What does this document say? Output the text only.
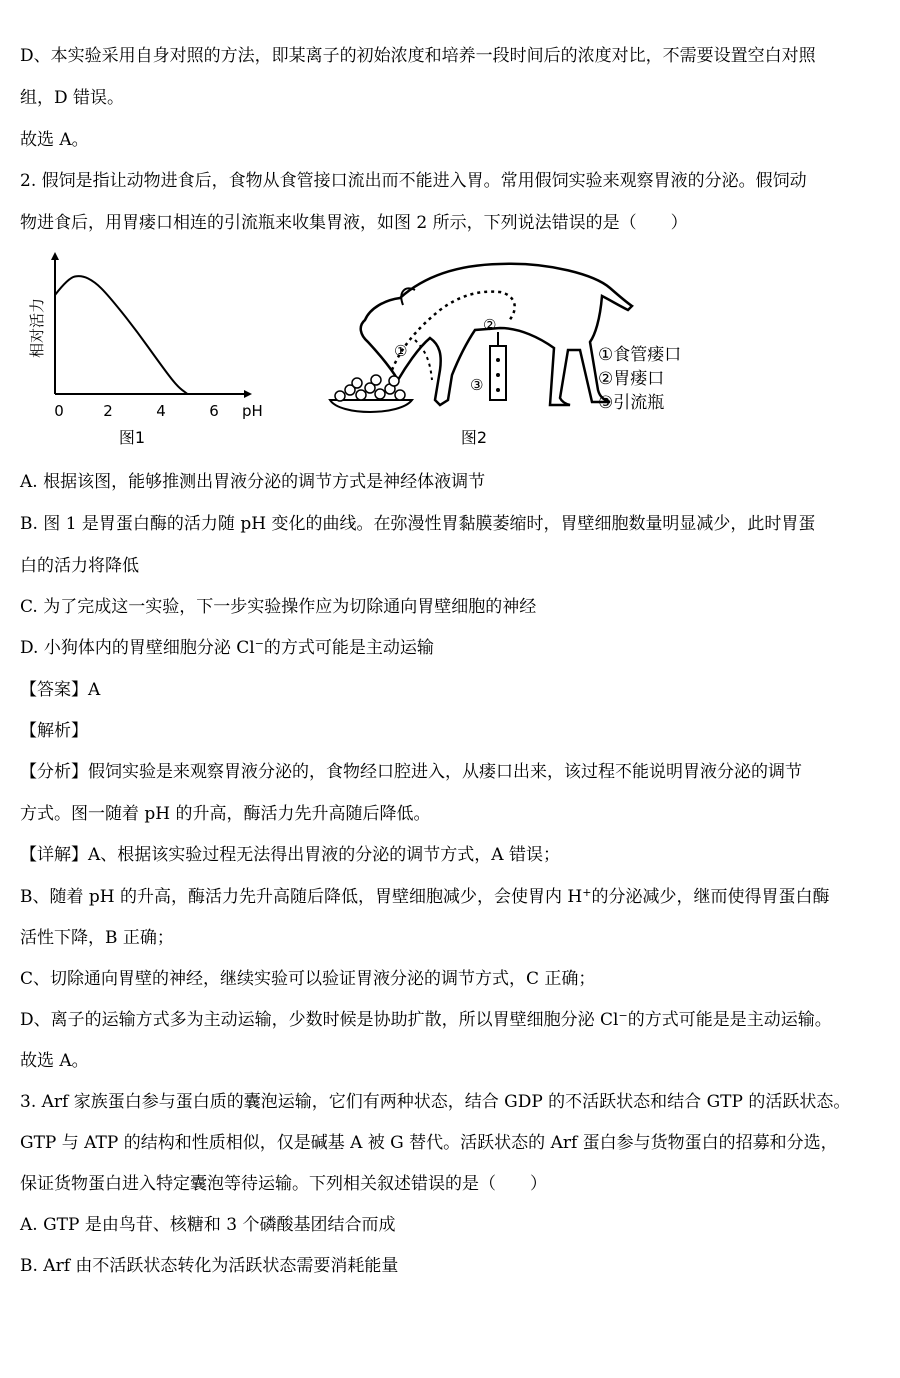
D、本实验采用自身对照的方法，即某离子的初始浓度和培养一段时间后的浓度对比，不需要设置空白对照
组，D 错误。
故选 A。
2. 假饲是指让动物进食后，食物从食管接口流出而不能进入胃。常用假饲实验来观察胃液的分泌。假饲动
物进食后，用胃瘘口相连的引流瓶来收集胃液，如图 2 所示，下列说法错误的是（　　）
相对活力
pH
0	2	4	6
图1
①
②
③
图2
①食管瘘口
②胃瘘口
③引流瓶
A. 根据该图，能够推测出胃液分泌的调节方式是神经体液调节
B. 图 1 是胃蛋白酶的活力随 pH 变化的曲线。在弥漫性胃黏膜萎缩时，胃壁细胞数量明显减少，此时胃蛋
白的活力将降低
C. 为了完成这一实验，下一步实验操作应为切除通向胃壁细胞的神经
D. 小狗体内的胃壁细胞分泌 Cl−的方式可能是主动运输
【答案】A
【解析】
【分析】假饲实验是来观察胃液分泌的，食物经口腔进入，从瘘口出来，该过程不能说明胃液分泌的调节
方式。图一随着 pH 的升高，酶活力先升高随后降低。
【详解】A、根据该实验过程无法得出胃液的分泌的调节方式，A 错误；
B、随着 pH 的升高，酶活力先升高随后降低，胃壁细胞减少，会使胃内 H+的分泌减少，继而使得胃蛋白酶
活性下降，B 正确；
C、切除通向胃壁的神经，继续实验可以验证胃液分泌的调节方式，C 正确；
D、离子的运输方式多为主动运输，少数时候是协助扩散，所以胃壁细胞分泌 Cl−的方式可能是是主动运输。
故选 A。
3. Arf 家族蛋白参与蛋白质的囊泡运输，它们有两种状态，结合 GDP 的不活跃状态和结合 GTP 的活跃状态。
GTP 与 ATP 的结构和性质相似，仅是碱基 A 被 G 替代。活跃状态的 Arf 蛋白参与货物蛋白的招募和分选，
保证货物蛋白进入特定囊泡等待运输。下列相关叙述错误的是（　　）
A. GTP 是由鸟苷、核糖和 3 个磷酸基团结合而成
B. Arf 由不活跃状态转化为活跃状态需要消耗能量
